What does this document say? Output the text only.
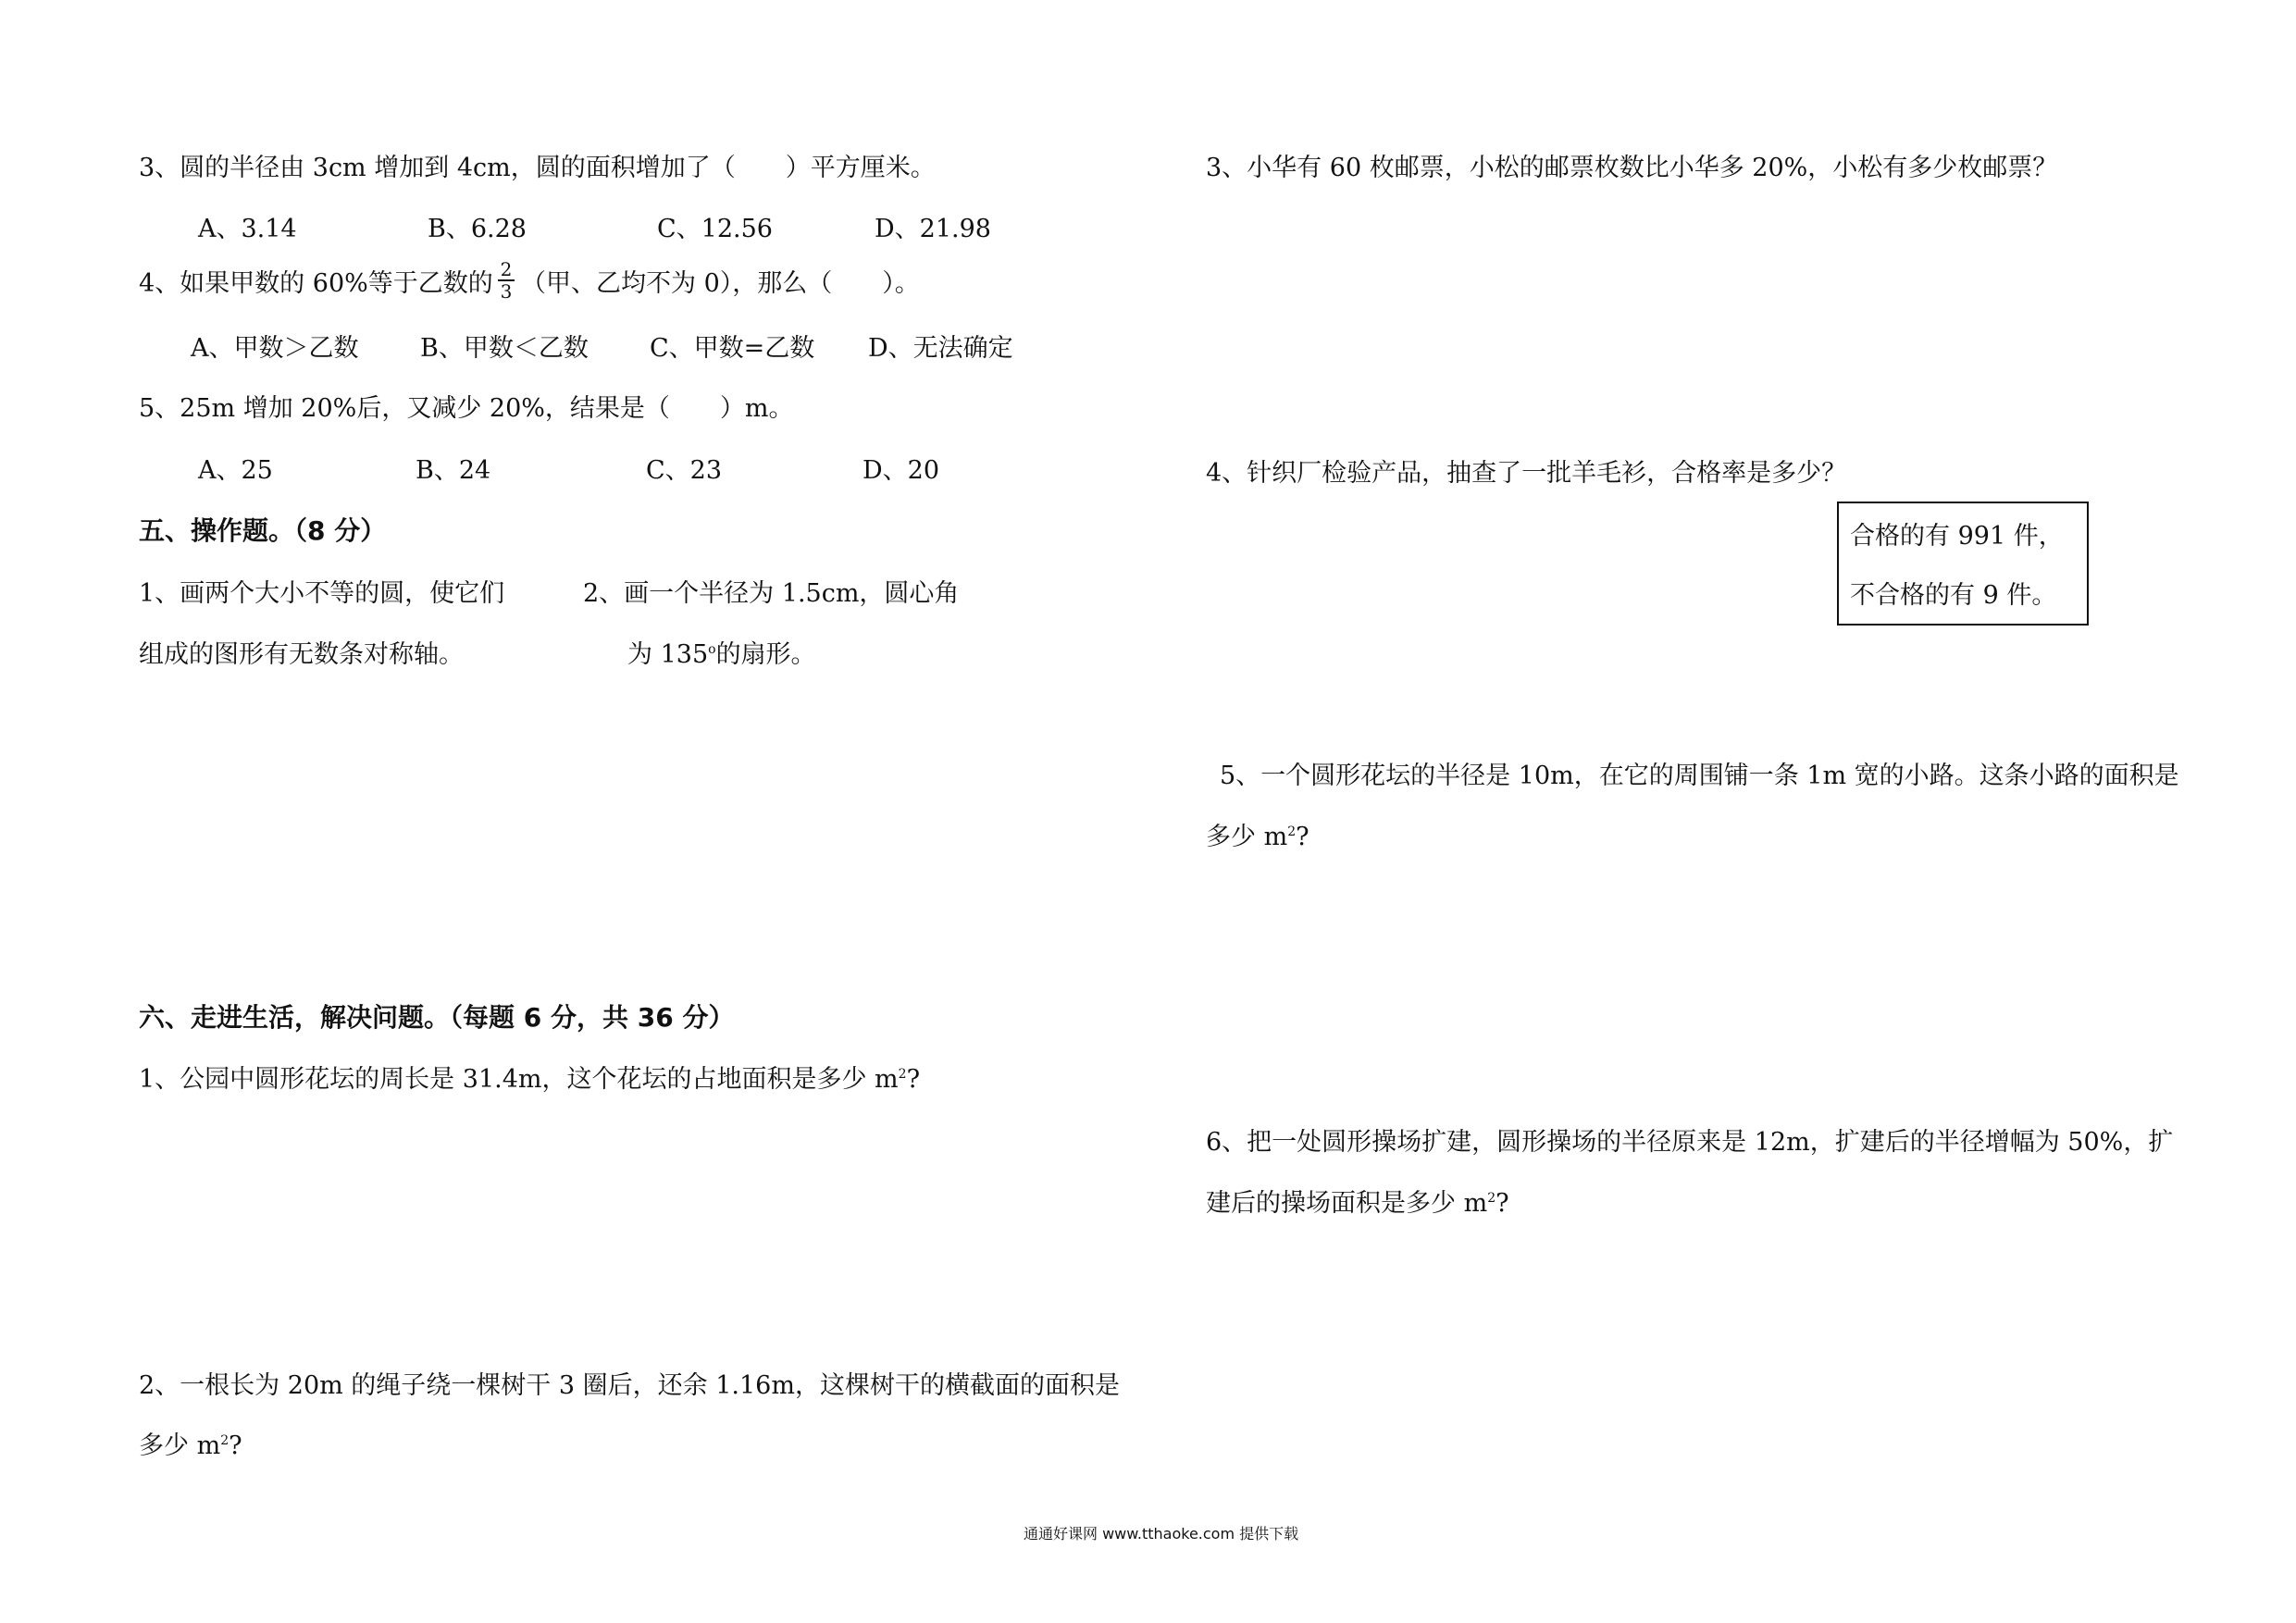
3、圆的半径由 3cm 增加到 4cm，圆的面积增加了（　　）平方厘米。
A、3.14	B、6.28	C、12.56	D、21.98
4、如果甲数的 60%等于乙数的 2
3 （甲、乙均不为 0），那么（　　）。
A、甲数＞乙数 B、甲数＜乙数 C、甲数=乙数 D、无法确定
5、25m 增加 20%后，又减少 20%，结果是（　　）m。
A、25	B、24	C、23	D、20
五、操作题。（8 分）
1、画两个大小不等的圆，使它们
组成的图形有无数条对称轴。
2、画一个半径为 1.5cm，圆心角
为 135$^o$的扇形。
六、走进生活，解决问题。（每题 6 分，共 36 分）
1、公园中圆形花坛的周长是 31.4m，这个花坛的占地面积是多少 $m^2$?
2、一根长为 20m 的绳子绕一棵树干 3 圈后，还余 1.16m，这棵树干的横截面的面积是
多少 $m^2$?
3、小华有 60 枚邮票，小松的邮票枚数比小华多 20%，小松有多少枚邮票？
4、针织厂检验产品，抽查了一批羊毛衫，合格率是多少？
合格的有 991 件，
不合格的有 9 件。
5、一个圆形花坛的半径是 10m，在它的周围铺一条 1m 宽的小路。这条小路的面积是
多少 $m^2$?
6、把一处圆形操场扩建，圆形操场的半径原来是 12m，扩建后的半径增幅为 50%，扩
建后的操场面积是多少 $m^2$?
通通好课网 www.tthaoke.com 提供下载
